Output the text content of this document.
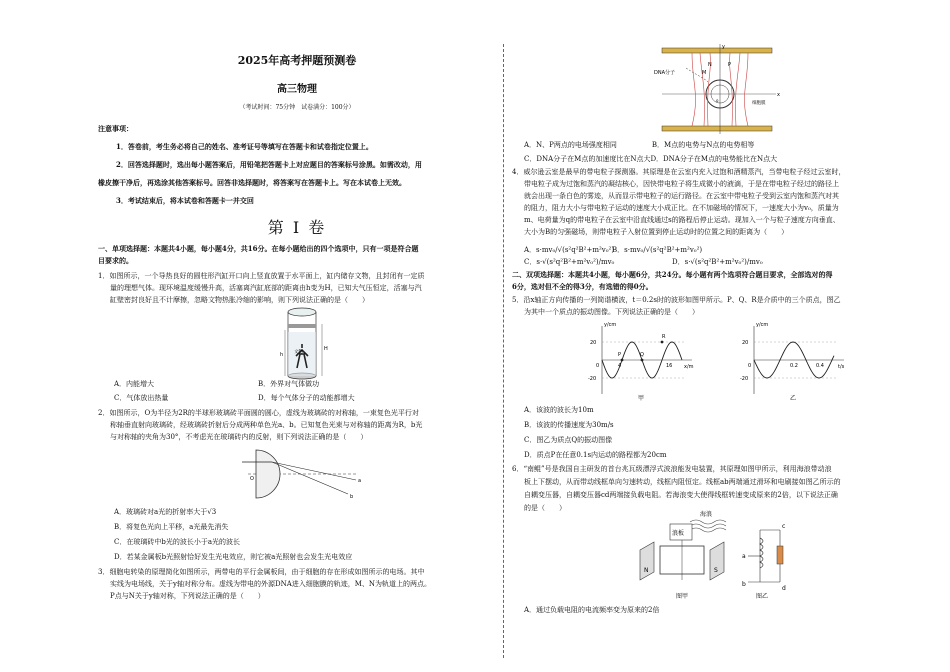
2025年高考押题预测卷
高三物理
（考试时间：75分钟　试卷满分：100分）
注意事项：
1．答卷前，考生务必将自己的姓名、准考证号等填写在答题卡和试卷指定位置上。
2．回答选择题时，选出每小题答案后，用铅笔把答题卡上对应题目的答案标号涂黑。如需改动，用
橡皮擦干净后，再选涂其他答案标号。回答非选择题时，将答案写在答题卡上。写在本试卷上无效。
3．考试结束后，将本试卷和答题卡一并交回
第 I 卷
一、单项选择题：本题共4小题，每小题4分，共16分。在每小题给出的四个选项中，只有一项是符合题
目要求的。
1．如图所示，一个导热良好的圆柱形汽缸开口向上竖直放置于水平面上，缸内储存文物，且封闭有一定质
量的理想气体。现环境温度缓慢升高，活塞离汽缸底部的距离由h变为H，已知大气压恒定，活塞与汽
缸壁密封良好且不计摩擦，忽略文物热胀冷缩的影响，则下列说法正确的是（　　）
h
H
文物
A．内能增大	B．外界对气体做功
C．气体放出热量	D．每个气体分子的动能都增大
2．如图所示，O为半径为2R的半球形玻璃砖平面圆的圆心，虚线为玻璃砖的对称轴，一束复色光平行对
称轴垂直射向玻璃砖，经玻璃砖折射后分成两种单色光a、b。已知复色光束与对称轴的距离为R，b光
与对称轴的夹角为30°，不考虑光在玻璃砖内的反射，则下列说法正确的是（　　）
O	a
b
A．玻璃砖对a光的折射率大于√3
B．将复色光向上平移，a光最先消失
C．在玻璃砖中b光的波长小于a光的波长
D．若某金属板b光照射恰好发生光电效应，则它被a光照射也会发生光电效应
3．细胞电转染的原理简化如图所示，两带电的平行金属板间，由于细胞的存在形成如图所示的电场。其中
实线为电场线，关于y轴对称分布。虚线为带电的外源DNA进入细胞膜的轨迹，M、N为轨道上的两点。
P点与N关于y轴对称，下列说法正确的是（　　）
DNA分子
细胞膜
y
x
o
P
M
N
A．N、P两点的电场强度相同　　　　　B．M点的电势与N点的电势相等
C．DNA分子在M点的加速度比在N点大D．DNA分子在M点的电势能比在N点大
4．威尔逊云室是最早的带电粒子探测器。其原理是在云室内充入过饱和酒精蒸汽，当带电粒子经过云室时，
带电粒子成为过饱和蒸汽的凝结核心，因快带电粒子将生成微小的液滴，于是在带电粒子经过的路径上
就会出现一条白色的雾迹，从而显示带电粒子的运行路径。在云室中带电粒子受到云室内饱和蒸汽对其
的阻力，阻力大小与带电粒子运动的速度大小成正比。在不加磁场的情况下，一速度大小为v₀，质量为
m、电荷量为q的带电粒子在云室中沿直线通过s的路程后停止运动。现加入一个与粒子速度方向垂直、
大小为B的匀强磁场，则带电粒子入射位置到停止运动时的位置之间的距离为（　　）
A．s·mv₀/√(s²q²B²+m²v₀²)
B．s·mv₀/√(s²q²B²+m²v₀²)
C．s·√(s²q²B²+m²v₀²)/mv₀	D．s·√(s²q²B²+m²v₀²)/mv₀
二、双项选择题：本题共4小题，每小题6分，共24分。每小题有两个选项符合题目要求，全部选对的得
6分，选对但不全的得3分，有选错的得0分。
5．沿x轴正方向传播的一列简谐横波，t＝0.2s时的波形如图甲所示。P、Q、R是介质中的三个质点，图乙
为其中一个质点的振动图像。下列说法正确的是（　　）
y/cm
x/m
20
-20
0	4	16
P	Q
R
甲
y/cm
t/s
20
-20
0	0.2	0.4
乙
A．该波的波长为10m
B．该波的传播速度为30m/s
C．图乙为质点Q的振动图像
D．质点P在任意0.1s内运动的路程都为20cm
6．“南鲲”号是我国自主研发的首台兆瓦级漂浮式波浪能发电装置，其原理如图甲所示，利用海浪带动浪
板上下摆动，从而带动线框单向匀速转动，线框内阻恒定。线框ab两端通过滑环和电刷接如图乙所示的
自耦变压器，自耦变压器cd两端接负载电阻。若海浪变大使得线框转速变成原来的2倍，以下说法正确
的是（　　）
海浪
浪板
N	S
图甲
a
b
c
d
图乙
A．通过负载电阻的电流频率变为原来的2倍
